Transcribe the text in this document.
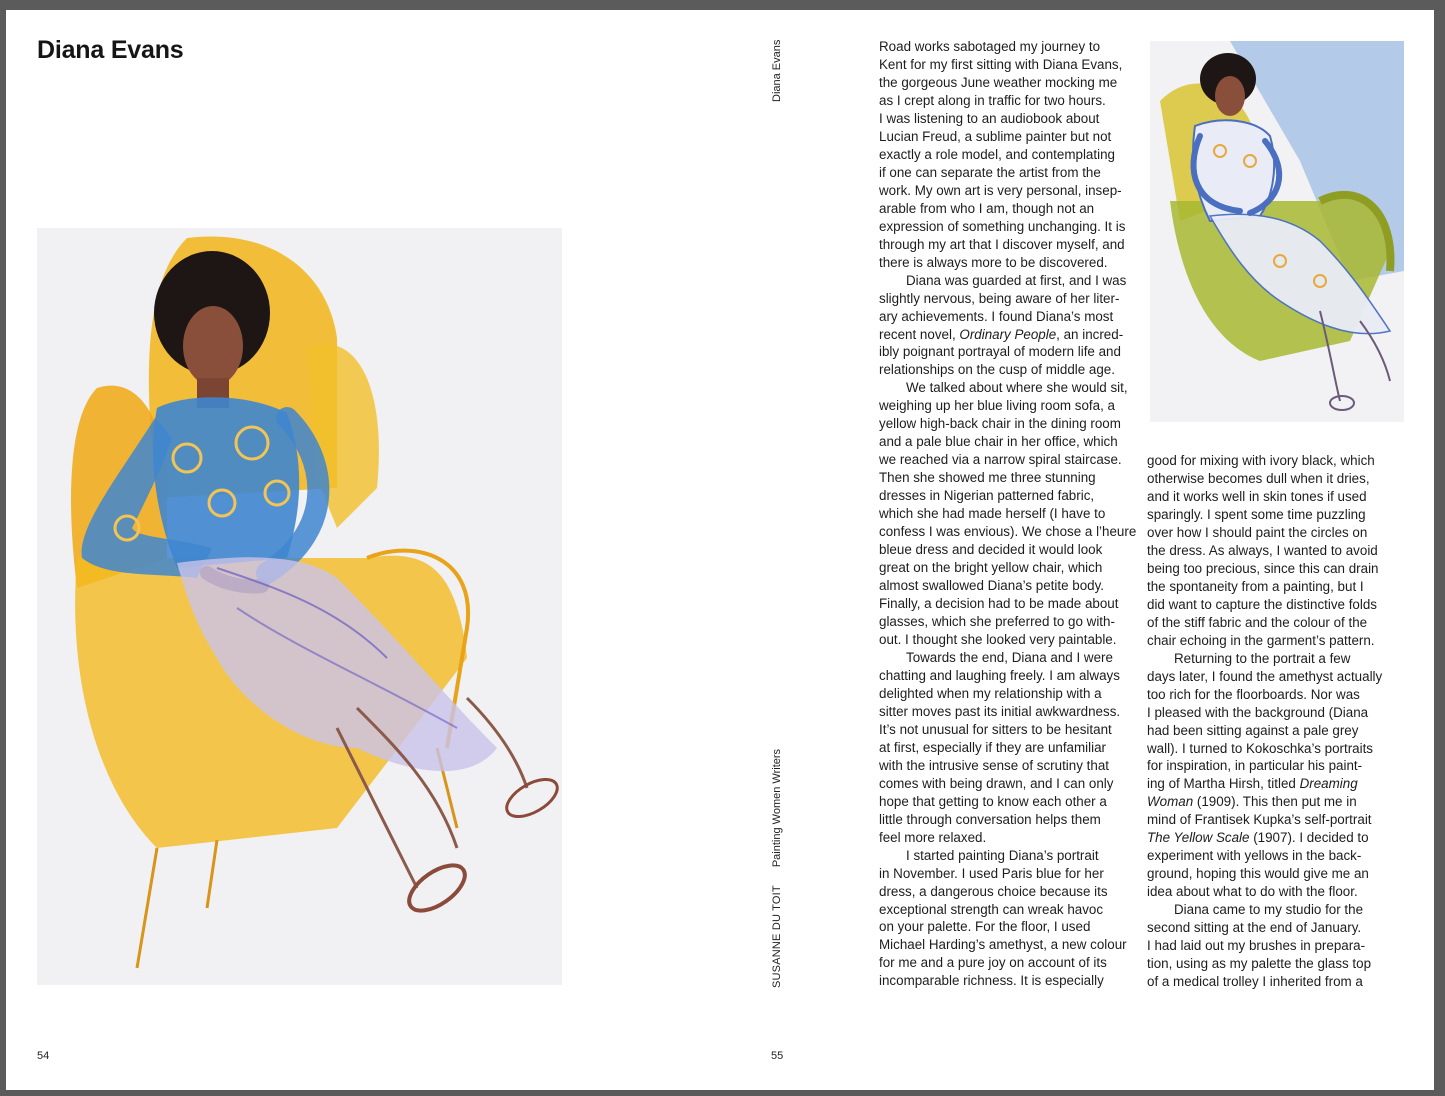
Diana Evans	Diana Evans
SUSANNE DU TOITPainting Women Writers
Road works sabotaged my journey to
Kent for my first sitting with Diana Evans,
the gorgeous June weather mocking me
as I crept along in traffic for two hours.
I was listening to an audiobook about
Lucian Freud, a sublime painter but not
exactly a role model, and contemplating
if one can separate the artist from the
work. My own art is very personal, insep-
arable from who I am, though not an
expression of something unchanging. It is
through my art that I discover myself, and
there is always more to be discovered.
Diana was guarded at first, and I was
slightly nervous, being aware of her liter-
ary achievements. I found Diana’s most
recent novel, Ordinary People, an incred-
ibly poignant portrayal of modern life and
relationships on the cusp of middle age.
We talked about where she would sit,
weighing up her blue living room sofa, a
yellow high-back chair in the dining room
and a pale blue chair in her office, which
we reached via a narrow spiral staircase.
Then she showed me three stunning
dresses in Nigerian patterned fabric,
which she had made herself (I have to
confess I was envious). We chose a l’heure
bleue dress and decided it would look
great on the bright yellow chair, which
almost swallowed Diana’s petite body.
Finally, a decision had to be made about
glasses, which she preferred to go with-
out. I thought she looked very paintable.
Towards the end, Diana and I were
chatting and laughing freely. I am always
delighted when my relationship with a
sitter moves past its initial awkwardness.
It’s not unusual for sitters to be hesitant
at first, especially if they are unfamiliar
with the intrusive sense of scrutiny that
comes with being drawn, and I can only
hope that getting to know each other a
little through conversation helps them
feel more relaxed.
I started painting Diana’s portrait
in November. I used Paris blue for her
dress, a dangerous choice because its
exceptional strength can wreak havoc
on your palette. For the floor, I used
Michael Harding’s amethyst, a new colour
for me and a pure joy on account of its
incomparable richness. It is especially
good for mixing with ivory black, which
otherwise becomes dull when it dries,
and it works well in skin tones if used
sparingly. I spent some time puzzling
over how I should paint the circles on
the dress. As always, I wanted to avoid
being too precious, since this can drain
the spontaneity from a painting, but I
did want to capture the distinctive folds
of the stiff fabric and the colour of the
chair echoing in the garment’s pattern.
Returning to the portrait a few
days later, I found the amethyst actually
too rich for the floorboards. Nor was
I pleased with the background (Diana
had been sitting against a pale grey
wall). I turned to Kokoschka’s portraits
for inspiration, in particular his paint-
ing of Martha Hirsh, titled Dreaming
Woman (1909). This then put me in
mind of Frantisek Kupka’s self-portrait
The Yellow Scale (1907). I decided to
experiment with yellows in the back-
ground, hoping this would give me an
idea about what to do with the floor.
Diana came to my studio for the
second sitting at the end of January.
I had laid out my brushes in prepara-
tion, using as my palette the glass top
of a medical trolley I inherited from a
54	55
